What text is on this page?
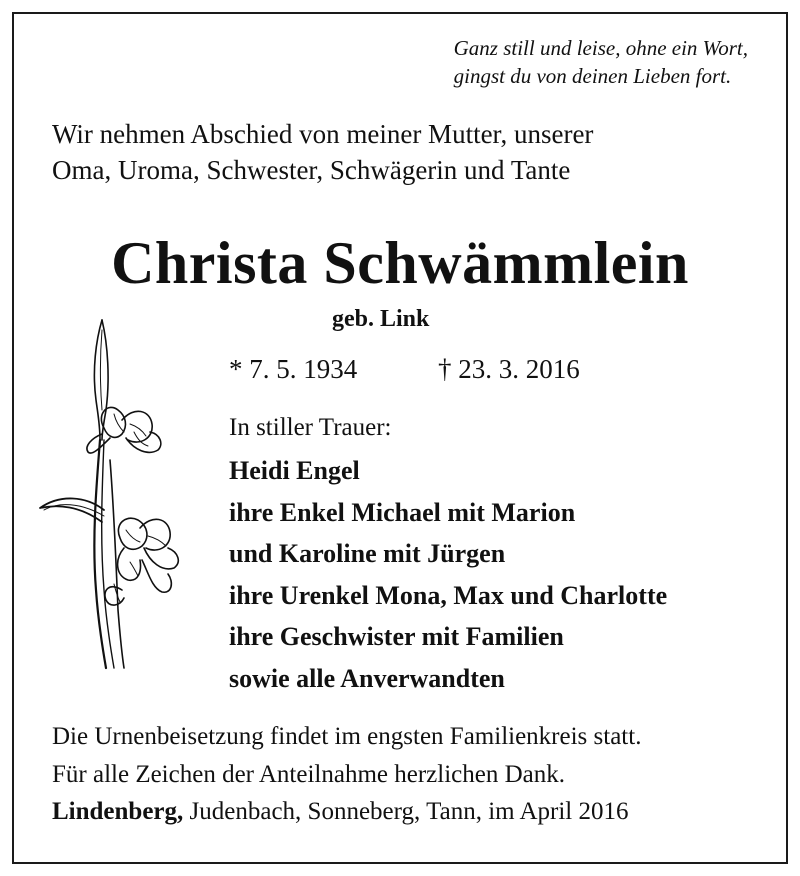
Ganz still und leise, ohne ein Wort,
gingst du von deinen Lieben fort.
Wir nehmen Abschied von meiner Mutter, unserer
Oma, Uroma, Schwester, Schwägerin und Tante
Christa Schwämmlein
geb. Link
* 7. 5. 1934	† 23. 3. 2016
In stiller Trauer:
Heidi Engel
ihre Enkel Michael mit Marion
und Karoline mit Jürgen
ihre Urenkel Mona, Max und Charlotte
ihre Geschwister mit Familien
sowie alle Anverwandten
Die Urnenbeisetzung findet im engsten Familienkreis statt.
Für alle Zeichen der Anteilnahme herzlichen Dank.
Lindenberg, Judenbach, Sonneberg, Tann, im April 2016
